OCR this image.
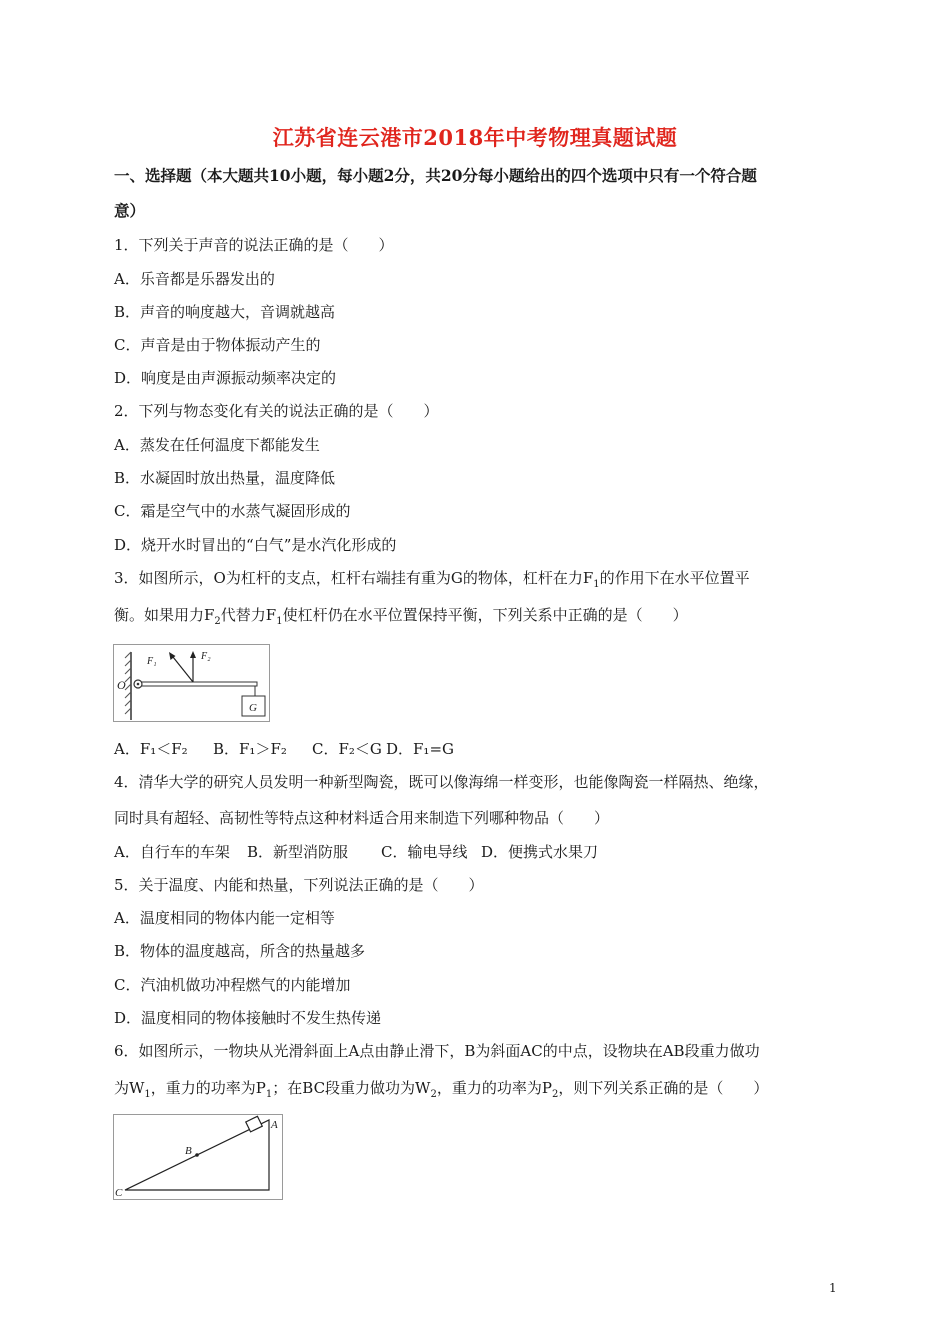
江苏省连云港市2018年中考物理真题试题
一、选择题（本大题共10小题，每小题2分，共20分每小题给出的四个选项中只有一个符合题
意）
1．下列关于声音的说法正确的是（　　）
A．乐音都是乐器发出的
B．声音的响度越大，音调就越高
C．声音是由于物体振动产生的
D．响度是由声源振动频率决定的
2．下列与物态变化有关的说法正确的是（　　）
A．蒸发在任何温度下都能发生
B．水凝固时放出热量，温度降低
C．霜是空气中的水蒸气凝固形成的
D．烧开水时冒出的“白气”是水汽化形成的
3．如图所示，O为杠杆的支点，杠杆右端挂有重为G的物体，杠杆在力$F_1$的作用下在水平位置平
衡。如果用力$F_2$代替力$F_1$使杠杆仍在水平位置保持平衡，下列关系中正确的是（　　）
O
F₁	F₂
G
A．F₁＜F₂ B．F₁＞F₂ C．F₂＜G D．F₁=G
4．清华大学的研究人员发明一种新型陶瓷，既可以像海绵一样变形，也能像陶瓷一样隔热、绝缘，
同时具有超轻、高韧性等特点这种材料适合用来制造下列哪种物品（　　）
A．自行车的车架 B．新型消防服 C．输电导线 D．便携式水果刀
5．关于温度、内能和热量，下列说法正确的是（　　）
A．温度相同的物体内能一定相等
B．物体的温度越高，所含的热量越多
C．汽油机做功冲程燃气的内能增加
D．温度相同的物体接触时不发生热传递
6．如图所示，一物块从光滑斜面上A点由静止滑下，B为斜面AC的中点，设物块在AB段重力做功
为$W_1$，重力的功率为$P_1$；在BC段重力做功为$W_2$，重力的功率为$P_2$，则下列关系正确的是（　　）
A
B
C
1
